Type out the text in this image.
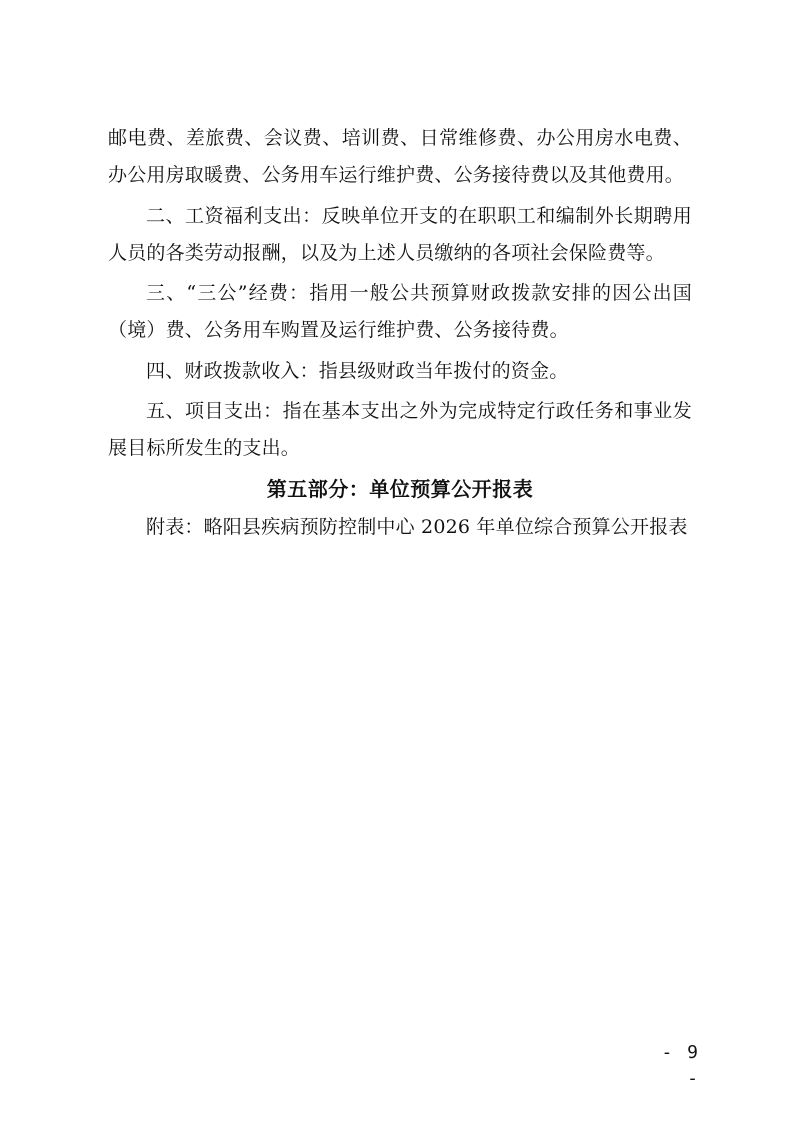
邮电费、差旅费、会议费、培训费、日常维修费、办公用房水电费、办公用房取暖费、公务用车运行维护费、公务接待费以及其他费用。

二、工资福利支出：反映单位开支的在职职工和编制外长期聘用人员的各类劳动报酬，以及为上述人员缴纳的各项社会保险费等。

三、“三公”经费：指用一般公共预算财政拨款安排的因公出国（境）费、公务用车购置及运行维护费、公务接待费。

四、财政拨款收入：指县级财政当年拨付的资金。

五、项目支出：指在基本支出之外为完成特定行政任务和事业发展目标所发生的支出。

第五部分：单位预算公开报表

附表：略阳县疾病预防控制中心 2026 年单位综合预算公开报表

- 9 -
